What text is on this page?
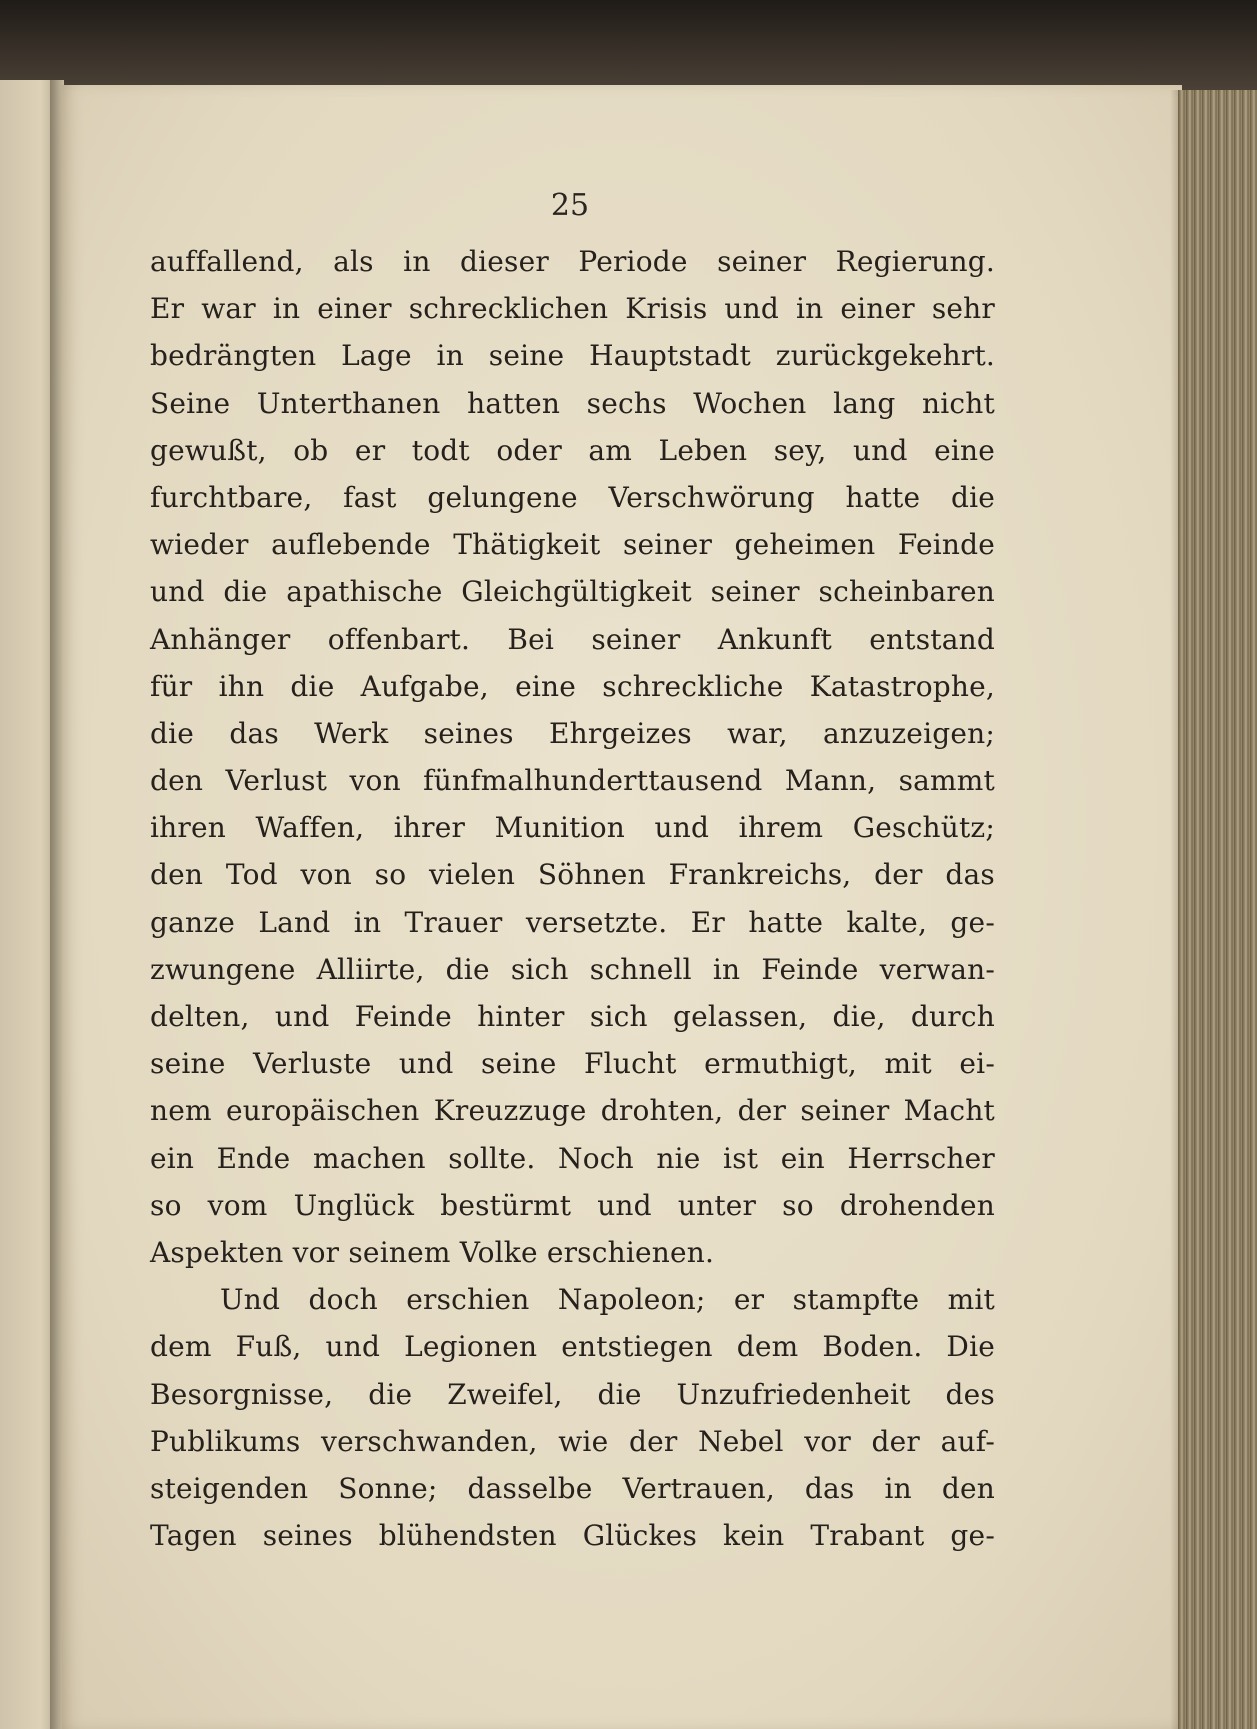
25
auffallend, als in dieser Periode seiner Regierung.
Er war in einer schrecklichen Krisis und in einer sehr
bedrängten Lage in seine Hauptstadt zurückgekehrt.
Seine Unterthanen hatten sechs Wochen lang nicht
gewußt, ob er todt oder am Leben sey, und eine
furchtbare, fast gelungene Verschwörung hatte die
wieder auflebende Thätigkeit seiner geheimen Feinde
und die apathische Gleichgültigkeit seiner scheinbaren
Anhänger offenbart. Bei seiner Ankunft entstand
für ihn die Aufgabe, eine schreckliche Katastrophe,
die das Werk seines Ehrgeizes war, anzuzeigen;
den Verlust von fünfmalhunderttausend Mann, sammt
ihren Waffen, ihrer Munition und ihrem Geschütz;
den Tod von so vielen Söhnen Frankreichs, der das
ganze Land in Trauer versetzte. Er hatte kalte, ge-
zwungene Alliirte, die sich schnell in Feinde verwan-
delten, und Feinde hinter sich gelassen, die, durch
seine Verluste und seine Flucht ermuthigt, mit ei-
nem europäischen Kreuzzuge drohten, der seiner Macht
ein Ende machen sollte. Noch nie ist ein Herrscher
so vom Unglück bestürmt und unter so drohenden
Aspekten vor seinem Volke erschienen.
Und doch erschien Napoleon; er stampfte mit
dem Fuß, und Legionen entstiegen dem Boden. Die
Besorgnisse, die Zweifel, die Unzufriedenheit des
Publikums verschwanden, wie der Nebel vor der auf-
steigenden Sonne; dasselbe Vertrauen, das in den
Tagen seines blühendsten Glückes kein Trabant ge-
